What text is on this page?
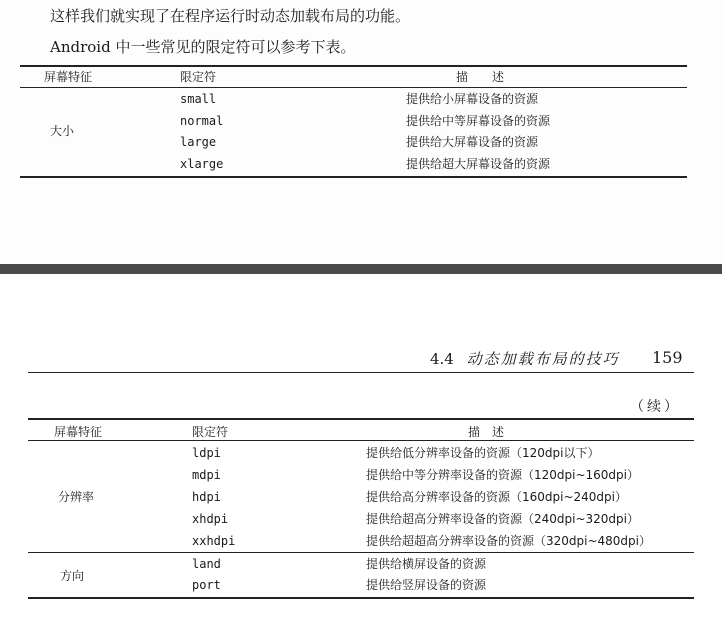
这样我们就实现了在程序运行时动态加载布局的功能。
Android 中一些常见的限定符可以参考下表。
屏幕特征	限定符	描　　述
大小
small	提供给小屏幕设备的资源
normal	提供给中等屏幕设备的资源
large	提供给大屏幕设备的资源
xlarge	提供给超大屏幕设备的资源
4.4 动态加载布局的技巧 159
（续）
屏幕特征	限定符	描　述
分辨率
ldpi	提供给低分辨率设备的资源（120dpi以下）
mdpi	提供给中等分辨率设备的资源（120dpi~160dpi）
hdpi	提供给高分辨率设备的资源（160dpi~240dpi）
xhdpi	提供给超高分辨率设备的资源（240dpi~320dpi）
xxhdpi	提供给超超高分辨率设备的资源（320dpi~480dpi）
方向
land	提供给横屏设备的资源
port	提供给竖屏设备的资源
